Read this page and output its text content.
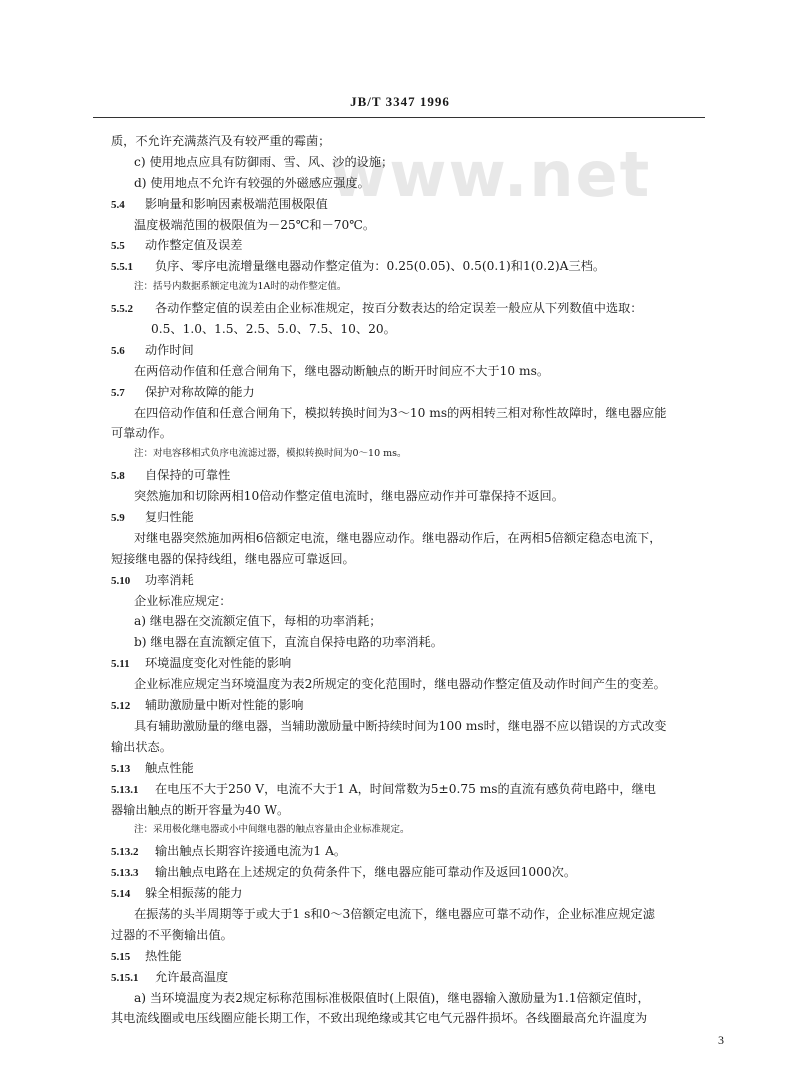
JB/T 3347 1996
www.net
质，不允许充满蒸汽及有较严重的霉菌；
c) 使用地点应具有防御雨、雪、风、沙的设施；
d) 使用地点不允许有较强的外磁感应强度。
5.4 影响量和影响因素极端范围极限值
温度极端范围的极限值为－25℃和－70℃。
5.5 动作整定值及误差
5.5.1 负序、零序电流增量继电器动作整定值为：0.25(0.05)、0.5(0.1)和1(0.2)A三档。
注：括号内数据系额定电流为1A时的动作整定值。
5.5.2 各动作整定值的误差由企业标准规定，按百分数表达的给定误差一般应从下列数值中选取：
0.5、1.0、1.5、2.5、5.0、7.5、10、20。
5.6 动作时间
在两倍动作值和任意合闸角下，继电器动断触点的断开时间应不大于10 ms。
5.7 保护对称故障的能力
在四倍动作值和任意合闸角下，模拟转换时间为3～10 ms的两相转三相对称性故障时，继电器应能
可靠动作。
注：对电容移相式负序电流滤过器，模拟转换时间为0～10 ms。
5.8 自保持的可靠性
突然施加和切除两相10倍动作整定值电流时，继电器应动作并可靠保持不返回。
5.9 复归性能
对继电器突然施加两相6倍额定电流，继电器应动作。继电器动作后，在两相5倍额定稳态电流下，
短接继电器的保持线组，继电器应可靠返回。
5.10 功率消耗
企业标准应规定：
a) 继电器在交流额定值下，每相的功率消耗；
b) 继电器在直流额定值下，直流自保持电路的功率消耗。
5.11 环境温度变化对性能的影响
企业标准应规定当环境温度为表2所规定的变化范围时，继电器动作整定值及动作时间产生的变差。
5.12 辅助激励量中断对性能的影响
具有辅助激励量的继电器，当辅助激励量中断持续时间为100 ms时，继电器不应以错误的方式改变
输出状态。
5.13 触点性能
5.13.1 在电压不大于250 V，电流不大于1 A，时间常数为5±0.75 ms的直流有感负荷电路中，继电
器输出触点的断开容量为40 W。
注：采用极化继电器或小中间继电器的触点容量由企业标准规定。
5.13.2 输出触点长期容许接通电流为1 A。
5.13.3 输出触点电路在上述规定的负荷条件下，继电器应能可靠动作及返回1000次。
5.14 躲全相振荡的能力
在振荡的头半周期等于或大于1 s和0～3倍额定电流下，继电器应可靠不动作，企业标准应规定滤
过器的不平衡输出值。
5.15 热性能
5.15.1 允许最高温度
a) 当环境温度为表2规定标称范围标准极限值时(上限值)，继电器输入激励量为1.1倍额定值时，
其电流线圈或电压线圈应能长期工作，不致出现绝缘或其它电气元器件损坏。各线圈最高允许温度为
3
